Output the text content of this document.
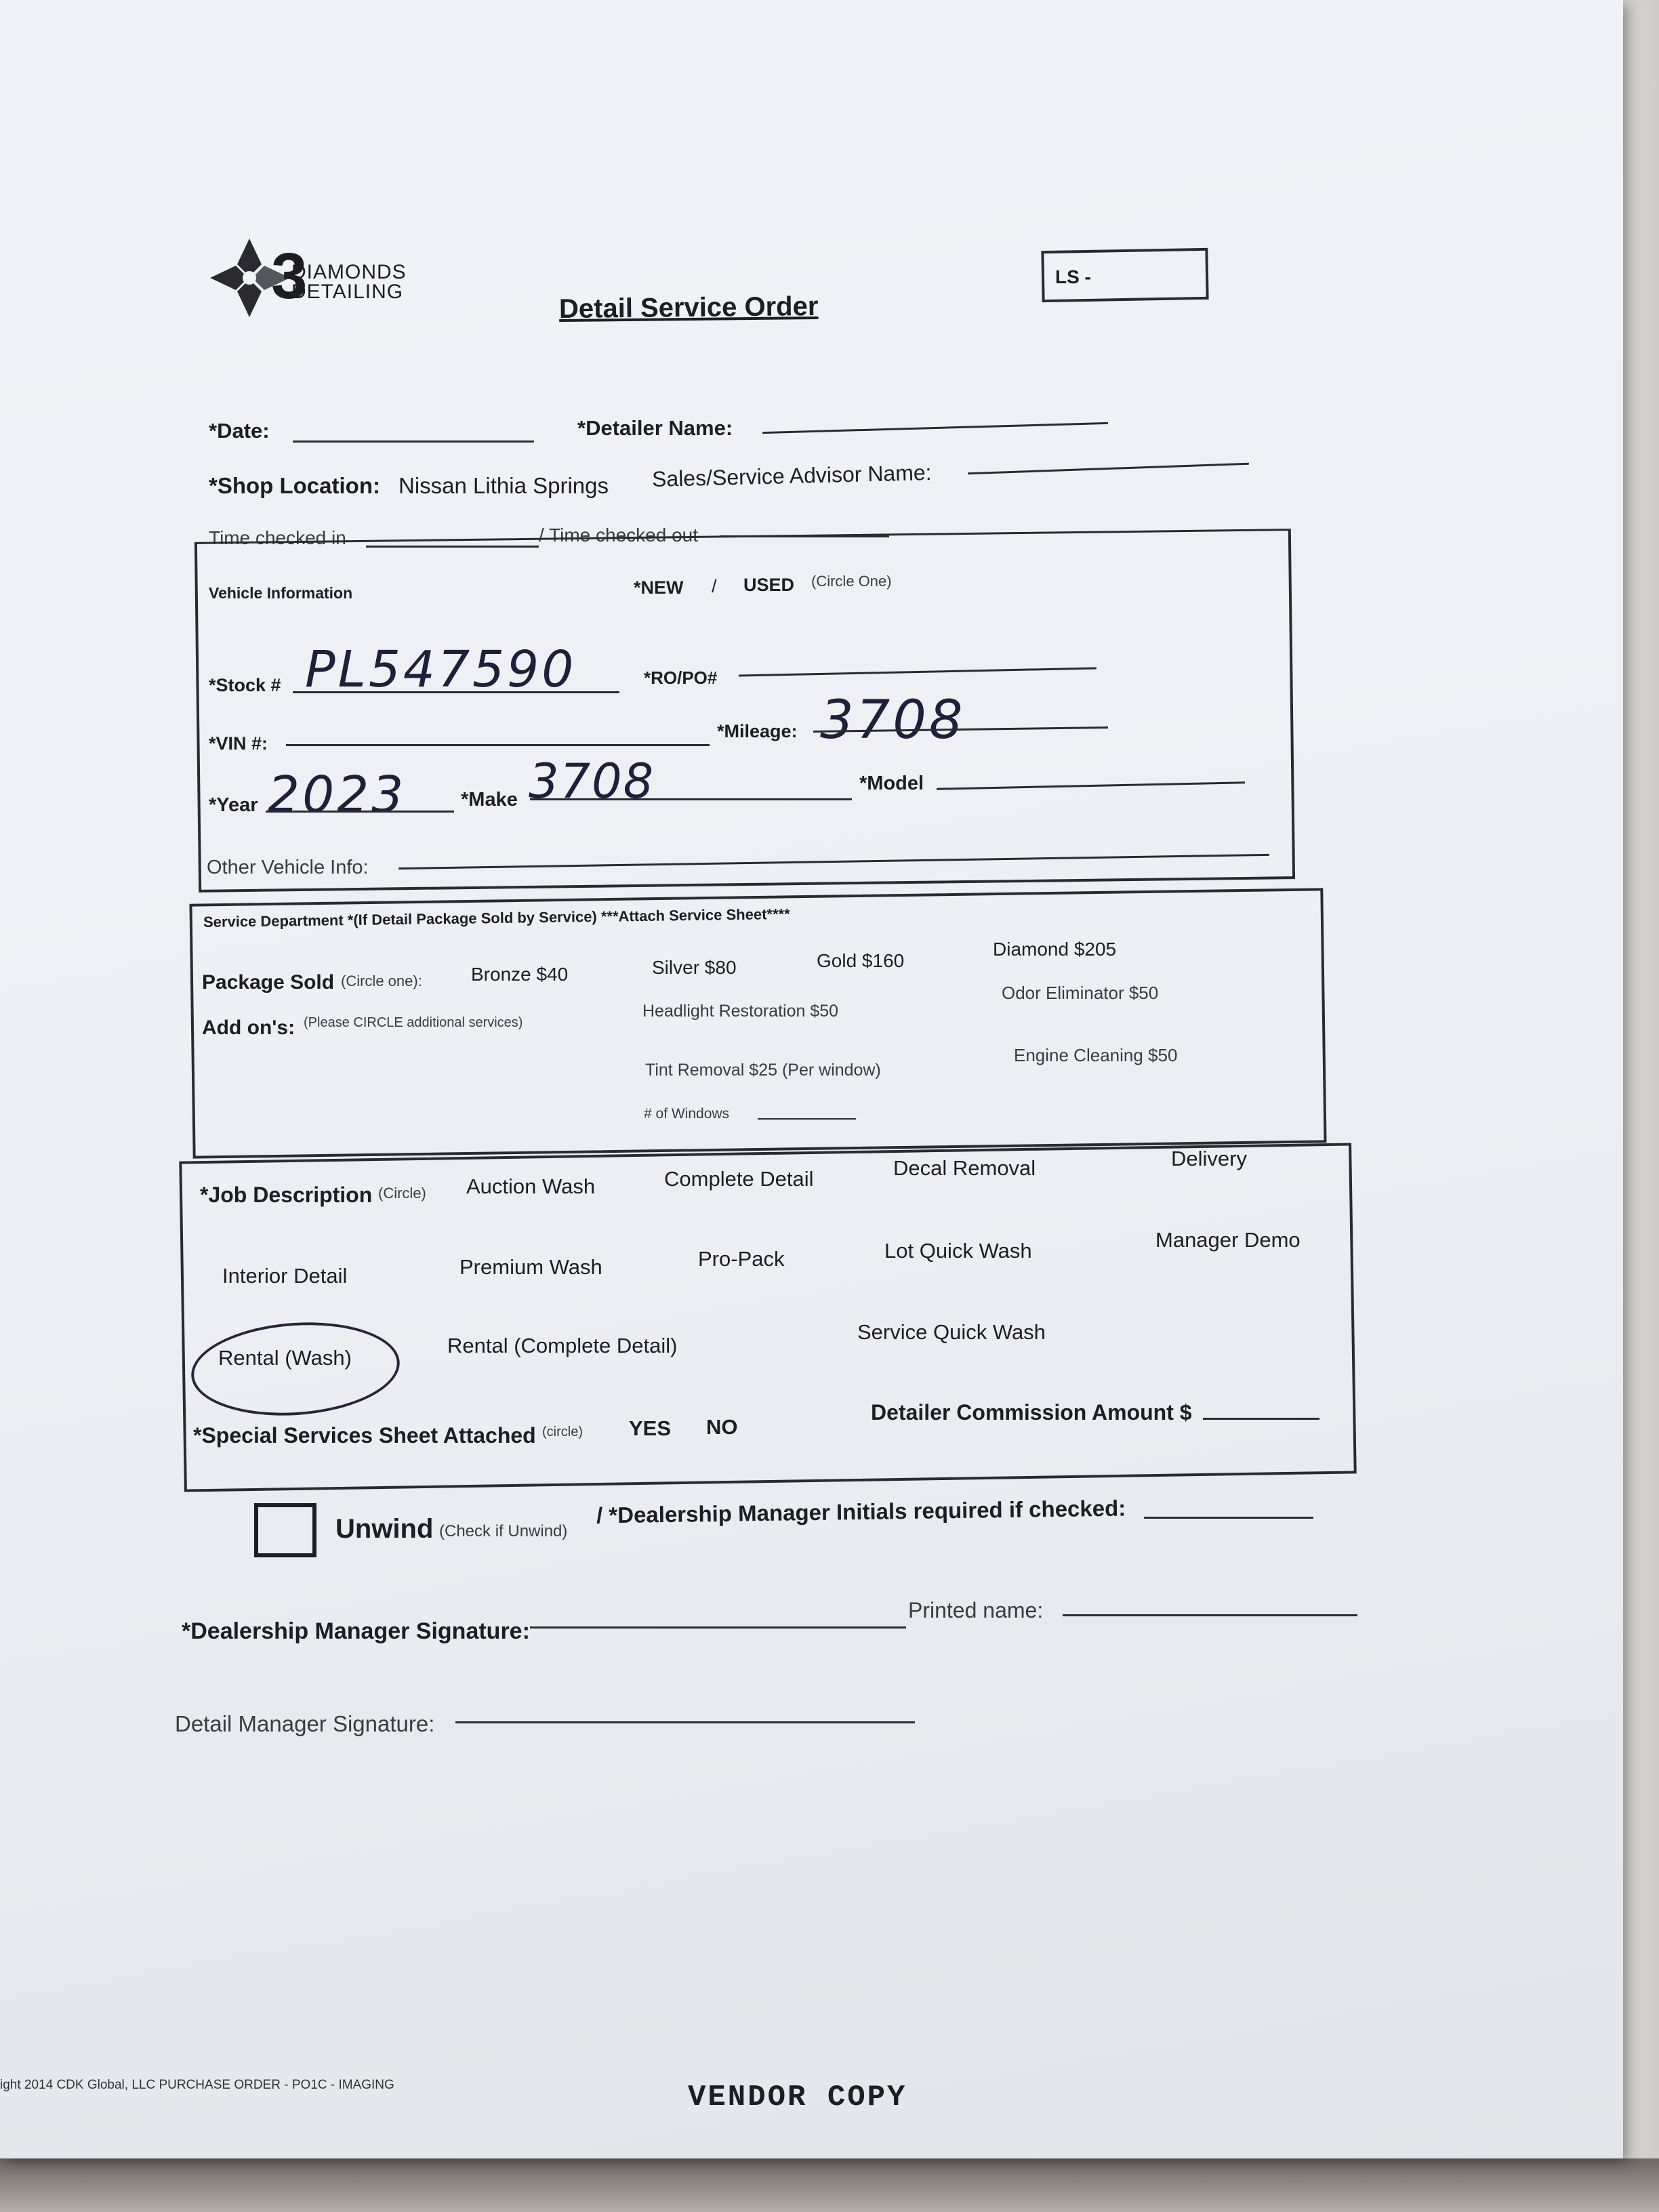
3
DIAMONDS
DETAILING	Detail Service Order
LS -
*Date:	*Detailer Name:
*Shop Location: Nissan Lithia Springs Sales/Service Advisor Name:
Time checked in	/ Time checked out
Vehicle Information	*NEW / USED (Circle One)
*Stock # PL547590	*RO/PO#
*VIN #:
*Mileage: 3708
*Year 2023	*Make 3708	*Model
Other Vehicle Info:
Service Department *(If Detail Package Sold by Service) ***Attach Service Sheet****
Package Sold (Circle one):	Bronze $40	Silver $80	Gold $160
Diamond $205
Add on's: (Please CIRCLE additional services)
Headlight Restoration $50
Odor Eliminator $50
Tint Removal $25 (Per window)
Engine Cleaning $50
# of Windows
*Job Description (Circle) Auction Wash	Complete Detail	Decal Removal	Delivery
Interior Detail	Premium Wash	Pro-Pack	Lot Quick Wash	Manager Demo
Rental (Wash)
Rental (Complete Detail)
Service Quick Wash
*Special Services Sheet Attached (circle) YES NO
Detailer Commission Amount $
Unwind (Check if Unwind)
/ *Dealership Manager Initials required if checked:
*Dealership Manager Signature:
Printed name:
Detail Manager Signature:
ight 2014 CDK Global, LLC PURCHASE ORDER - PO1C - IMAGING	VENDOR COPY
